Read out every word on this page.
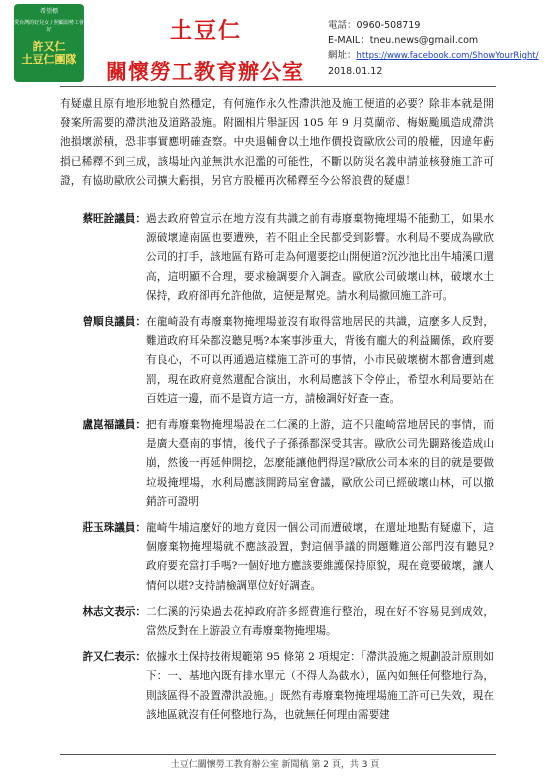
希望標
愛台灣的好兒女 / 照顧弱勢工會好
許又仁
土豆仁團隊
土豆仁
關懷勞工教育辦公室
電話：0960-508719
E-MAIL：tneu.news@gmail.com
網址：https://www.facebook.com/ShowYourRight/
2018.01.12
有疑慮且原有地形地貌自然穩定，有何施作永久性滯洪池及施工便道的必要？除非本就是開發案所需要的滯洪池及道路設施。附圖相片舉証因 105 年 9 月莫蘭帝、梅姬颱風造成滯洪池損壞淤積，恐非事實應明確查察。中央退輔會以土地作價投資歐欣公司的般權，因違年虧損已稀釋不到三成，該場址內並無洪水氾濫的可能性，不斷以防災名義申請並核發施工許可證，有協助歐欣公司擴大虧損，另官方股權再次稀釋至今公帑浪費的疑慮！
蔡旺詮議員： 過去政府曾宣示在地方沒有共識之前有毒廢棄物掩埋場不能動工，如果水源破壞違南區也要遭殃，若不阻止全民都受到影響。水利局不要成為歐欣公司的打手，該地區有路可走為何還要挖山開便道?沉沙池比出牛埔溪口還高，這明顯不合理，要求檢調要介入調查。歐欣公司破壞山林，破壞水土保持，政府卻再允許他做，這便是幫兇。請水利局撤回施工許可。
曾順良議員： 在龍崎設有毒廢棄物掩埋場並沒有取得當地居民的共識，這麼多人反對，難道政府耳朵都沒聽見嗎?本案事涉重大，背後有龐大的利益關係，政府要有良心，不可以再通過這樣施工許可的事情，小市民破壞樹木都會遭到處罰，現在政府竟然還配合演出，水利局應該下令停止，希望水利局要站在百姓這一邊，而不是資方這一方，請檢調好好查一查。
盧崑福議員： 把有毒廢棄物掩埋場設在二仁溪的上游，這不只龍崎當地居民的事情，而是廣大臺南的事情，後代子子孫孫都深受其害。歐欣公司先闢路後造成山崩，然後一再延伸開挖，怎麼能讓他們得逞?歐欣公司本來的目的就是要做垃圾掩埋場，水利局應該開跨局室會議，歐欣公司已經破壞山林，可以撤銷許可證明
莊玉珠議員： 龍崎牛埔這麼好的地方竟因一個公司而遭破壞，在還址地點有疑慮下，這個廢棄物掩埋場就不應該設置，對這個爭議的問題難道公部門沒有聽見? 政府要充當打手嗎?一個好地方應該要維護保持原貌，現在竟要破壞，讓人情何以堪?支持請檢調單位好好調查。
林志文表示： 二仁溪的污染過去花掉政府許多經費進行整治，現在好不容易見到成效，當然反對在上游設立有毒廢棄物掩埋場。
許又仁表示： 依據水土保持技術規範第 95 條第 2 項規定：「滯洪設施之規劃設計原則如下：一、基地內既有排水單元（不得人為截水），區內如無任何整地行為，則該區得不設置滯洪設施。」既然有毒廢棄物掩埋場施工許可已失效，現在該地區就沒有任何整地行為，也就無任何理由需要建
土豆仁關懷勞工教育辦公室 新聞稿 第 2 頁，共 3 頁
